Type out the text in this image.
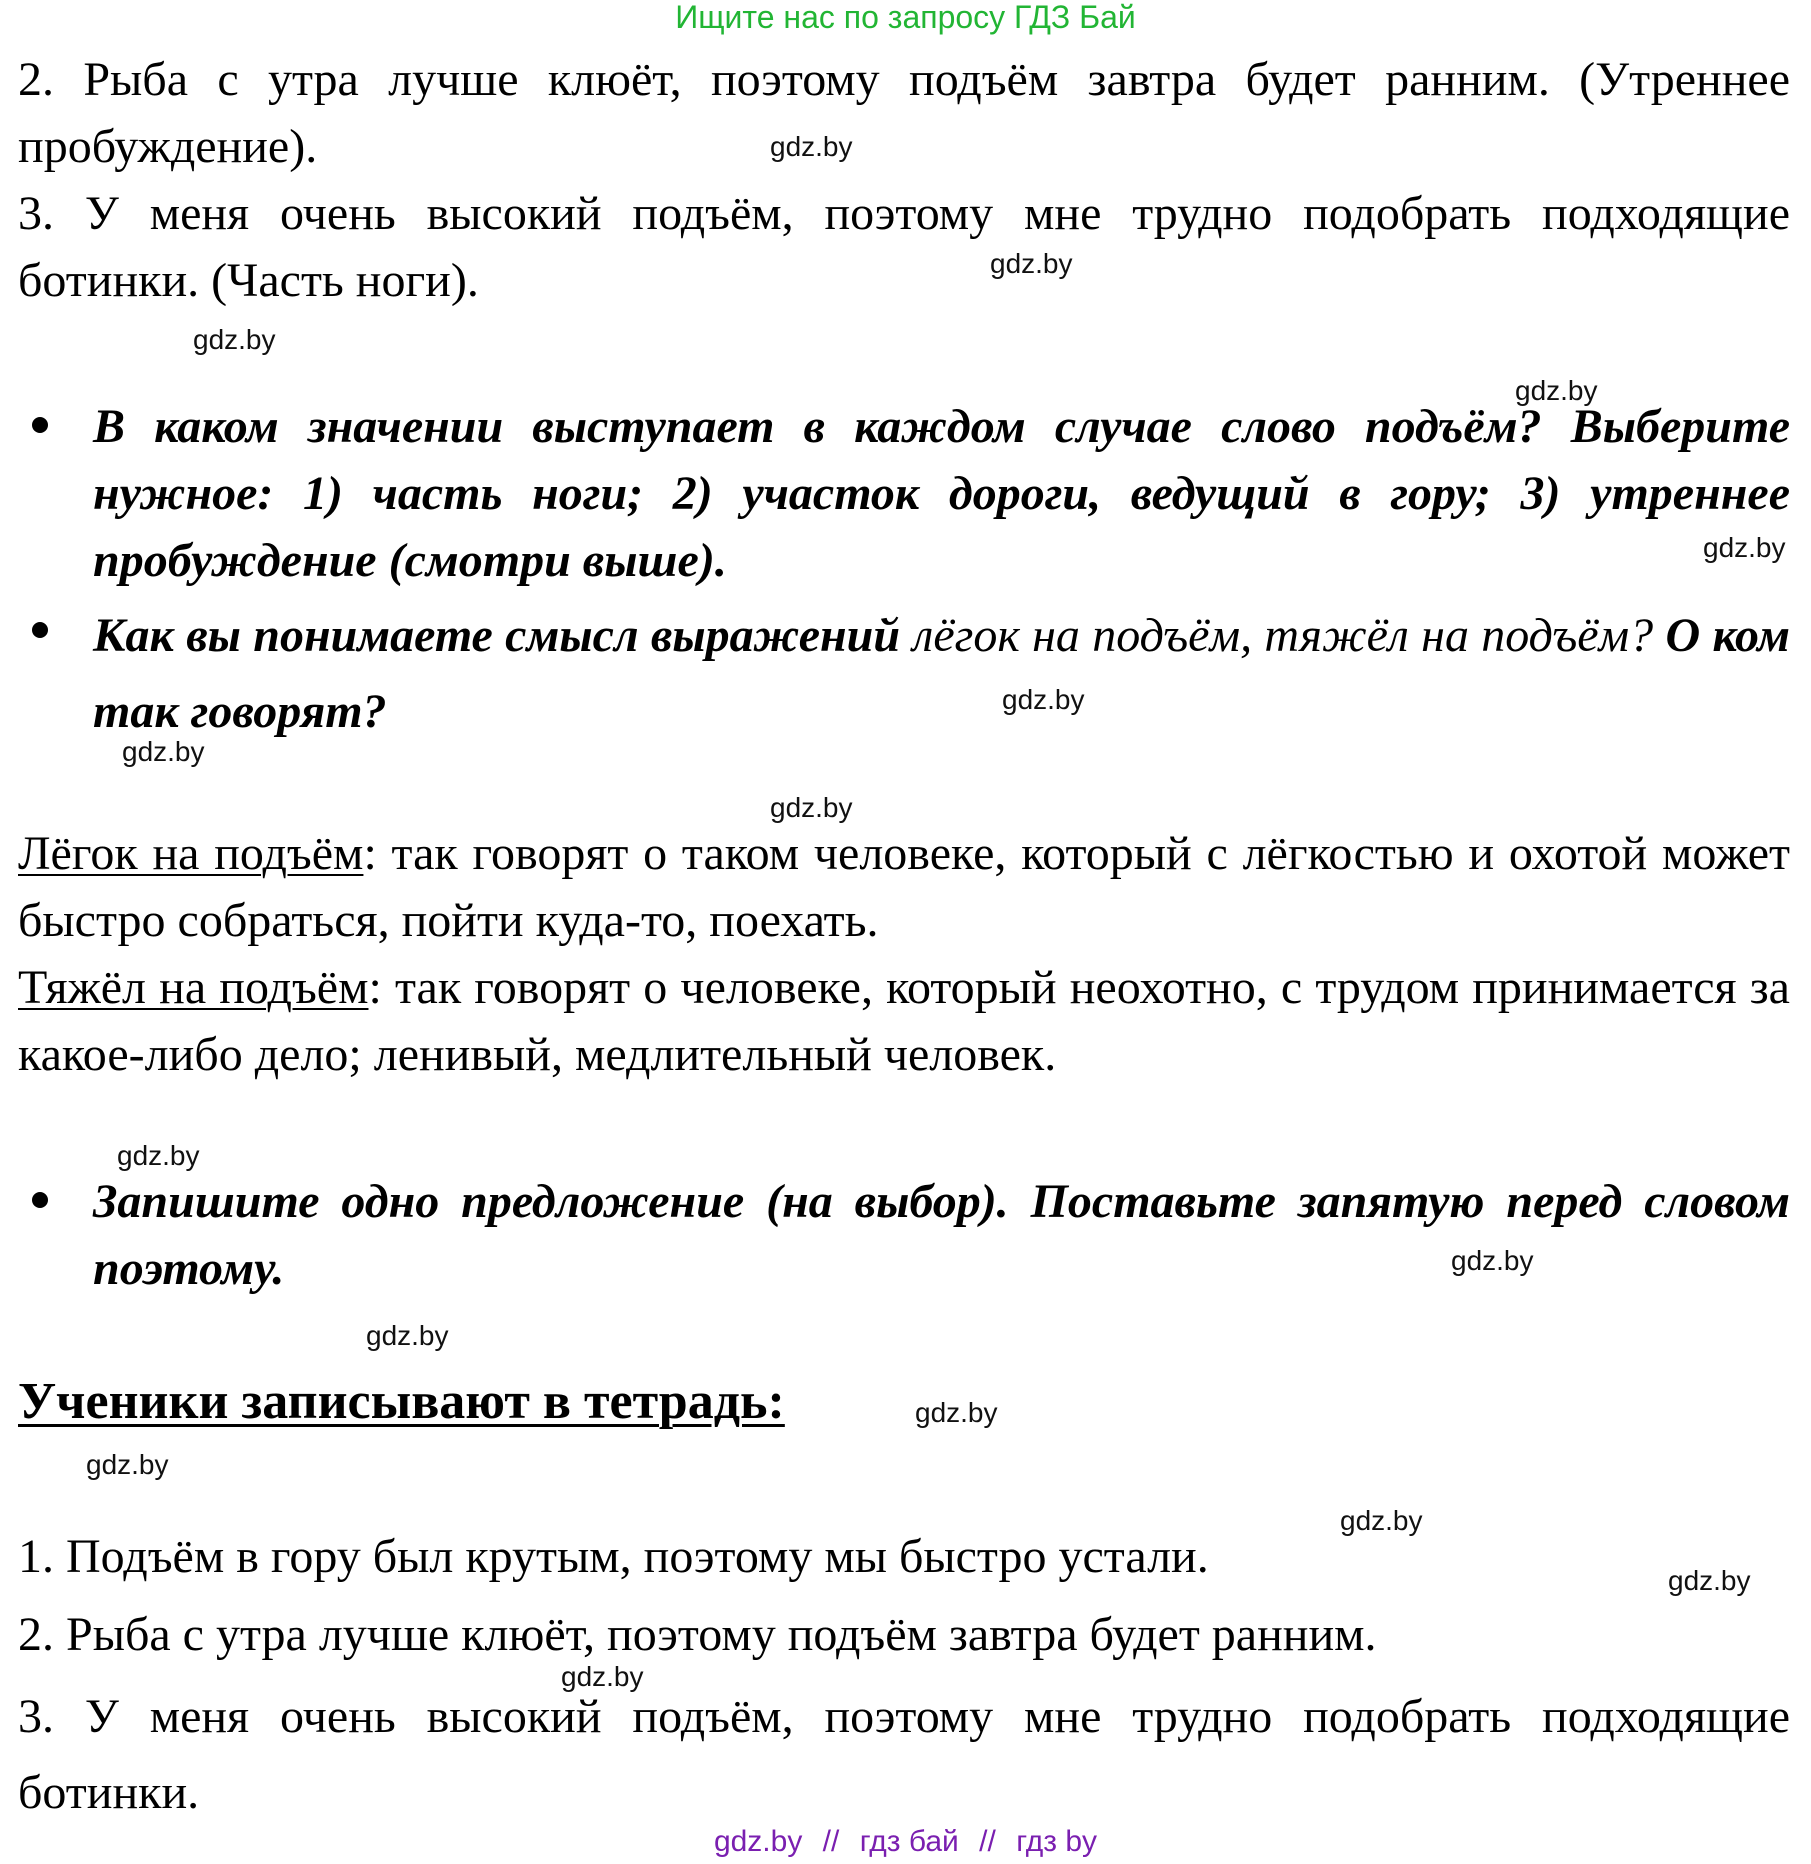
Ищите нас по запросу ГДЗ Бай

2. Рыба с утра лучше клюёт, поэтому подъём завтра будет ранним. (Утреннее пробуждение).

3. У меня очень высокий подъём, поэтому мне трудно подобрать подходящие ботинки. (Часть ноги).

В каком значении выступает в каждом случае слово подъём? Выберите нужное: 1) часть ноги; 2) участок дороги, ведущий в гору; 3) утреннее пробуждение (смотри выше).
Как вы понимаете смысл выражений лёгок на подъём, тяжёл на подъём? О ком так говорят?

Лёгок на подъём: так говорят о таком человеке, который с лёгкостью и охотой может быстро собраться, пойти куда-то, поехать.

Тяжёл на подъём: так говорят о человеке, который неохотно, с трудом принимается за какое-либо дело; ленивый, медлительный человек.

Запишите одно предложение (на выбор). Поставьте запятую перед словом поэтому.
Ученики записывают в тетрадь:

1. Подъём в гору был крутым, поэтому мы быстро устали.

2. Рыба с утра лучше клюёт, поэтому подъём завтра будет ранним.

3. У меня очень высокий подъём, поэтому мне трудно подобрать подходящие ботинки.

gdz.by
gdz.by
gdz.by
gdz.by
gdz.by
gdz.by
gdz.by
gdz.by
gdz.by
gdz.by
gdz.by
gdz.by
gdz.by
gdz.by
gdz.by
gdz.by
gdz.by // гдз бай // гдз by
